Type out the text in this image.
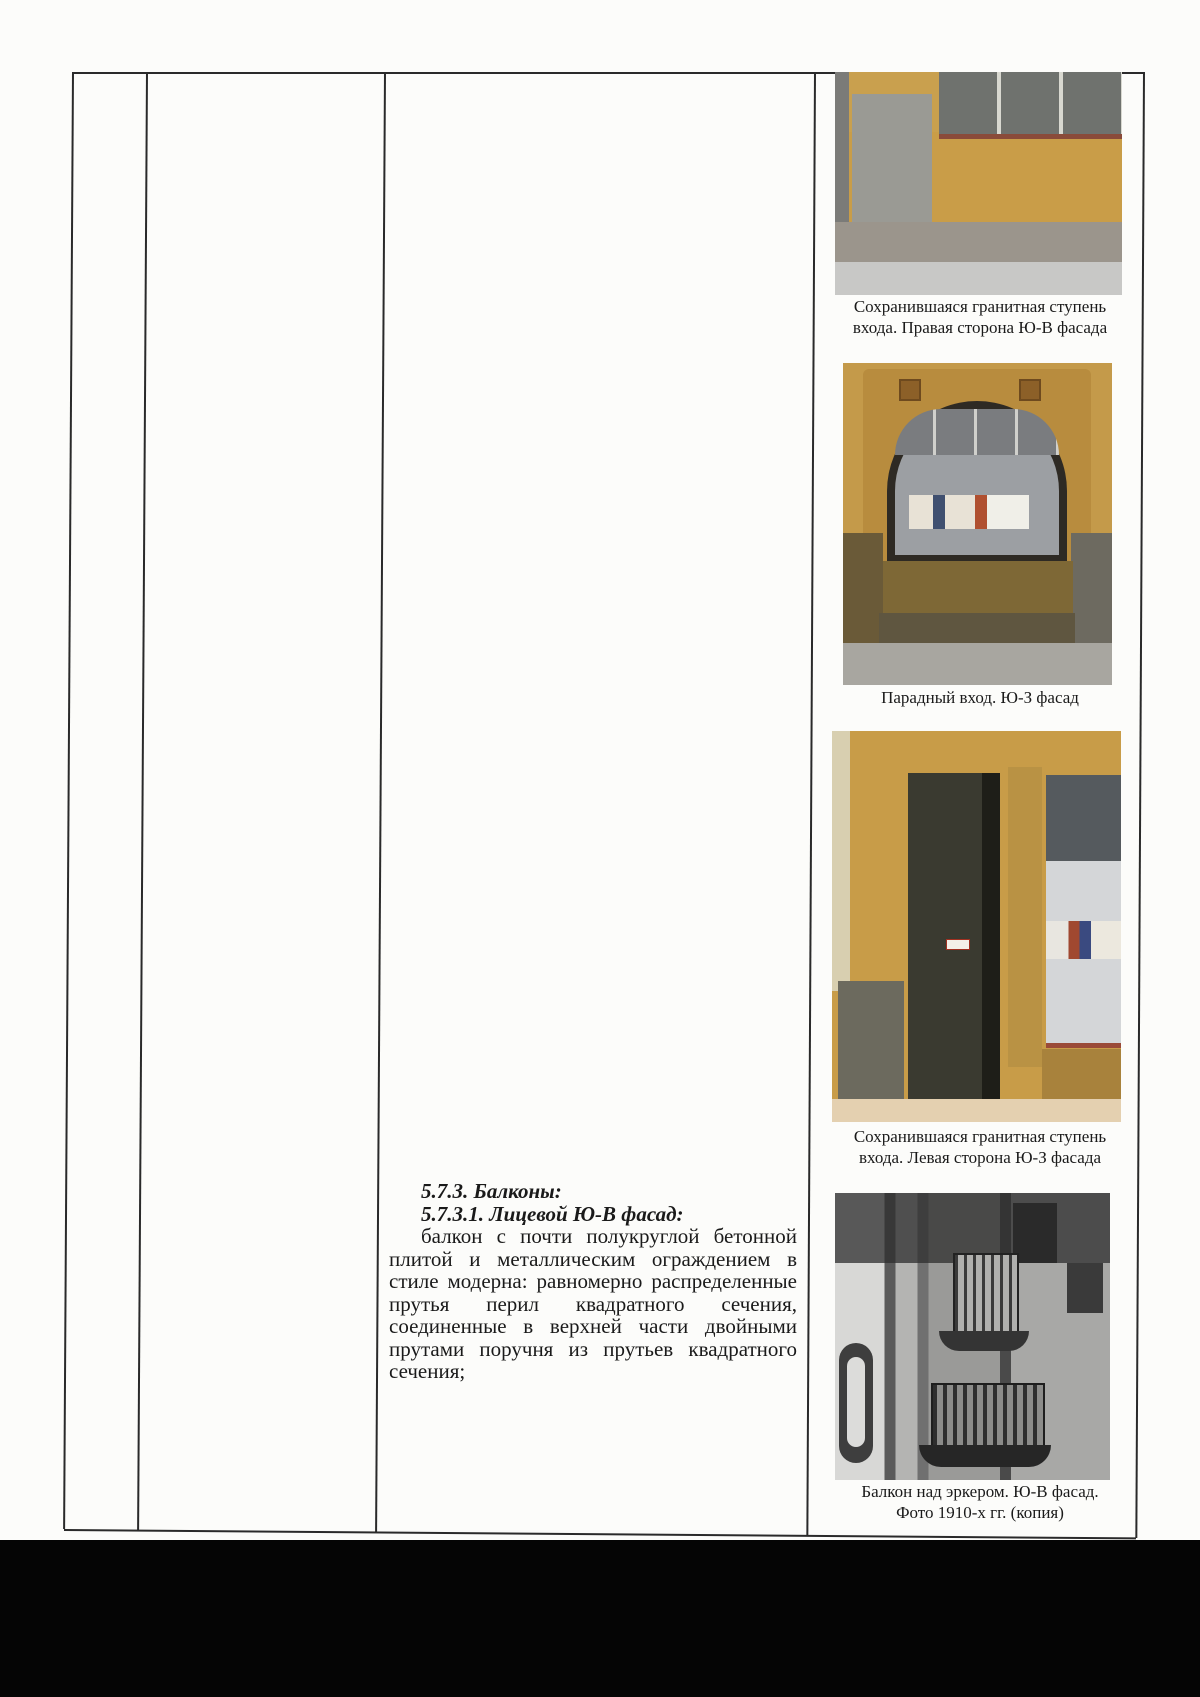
5.7.3. Балконы:

5.7.3.1. Лицевой Ю-В фасад:

балкон с почти полукруглой бетонной плитой и металлическим ограждением в стиле модерна: равномерно распределенные прутья перил квадратного сечения, соединенные в верхней части двойными прутами поручня из прутьев квадратного сечения;

Сохранившаяся гранитная ступень
входа. Правая сторона Ю-В фасада
Парадный вход. Ю-З фасад
Сохранившаяся гранитная ступень
входа. Левая сторона Ю-З фасада
Балкон над эркером. Ю-В фасад.
Фото 1910-х гг. (копия)
